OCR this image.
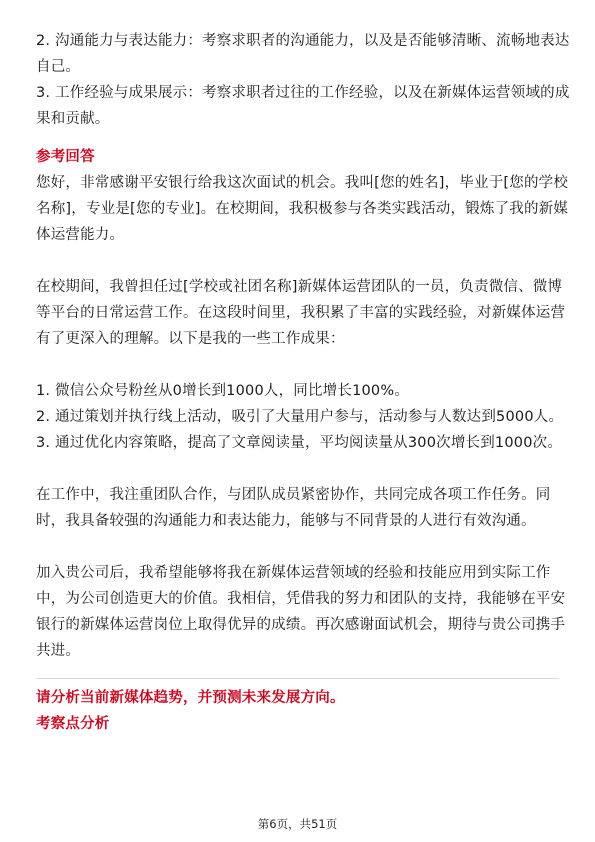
2. 沟通能力与表达能力：考察求职者的沟通能力，以及是否能够清晰、流畅地表达
自己。
3. 工作经验与成果展示：考察求职者过往的工作经验，以及在新媒体运营领域的成
果和贡献。
参考回答
您好，非常感谢平安银行给我这次面试的机会。我叫[您的姓名]，毕业于[您的学校
名称]，专业是[您的专业]。在校期间，我积极参与各类实践活动，锻炼了我的新媒
体运营能力。
在校期间，我曾担任过[学校或社团名称]新媒体运营团队的一员，负责微信、微博
等平台的日常运营工作。在这段时间里，我积累了丰富的实践经验，对新媒体运营
有了更深入的理解。以下是我的一些工作成果：
1. 微信公众号粉丝从0增长到1000人，同比增长100%。
2. 通过策划并执行线上活动，吸引了大量用户参与，活动参与人数达到5000人。
3. 通过优化内容策略，提高了文章阅读量，平均阅读量从300次增长到1000次。
在工作中，我注重团队合作，与团队成员紧密协作，共同完成各项工作任务。同
时，我具备较强的沟通能力和表达能力，能够与不同背景的人进行有效沟通。
加入贵公司后，我希望能够将我在新媒体运营领域的经验和技能应用到实际工作
中，为公司创造更大的价值。我相信，凭借我的努力和团队的支持，我能够在平安
银行的新媒体运营岗位上取得优异的成绩。再次感谢面试机会，期待与贵公司携手
共进。
请分析当前新媒体趋势，并预测未来发展方向。
考察点分析
第6页，共51页
